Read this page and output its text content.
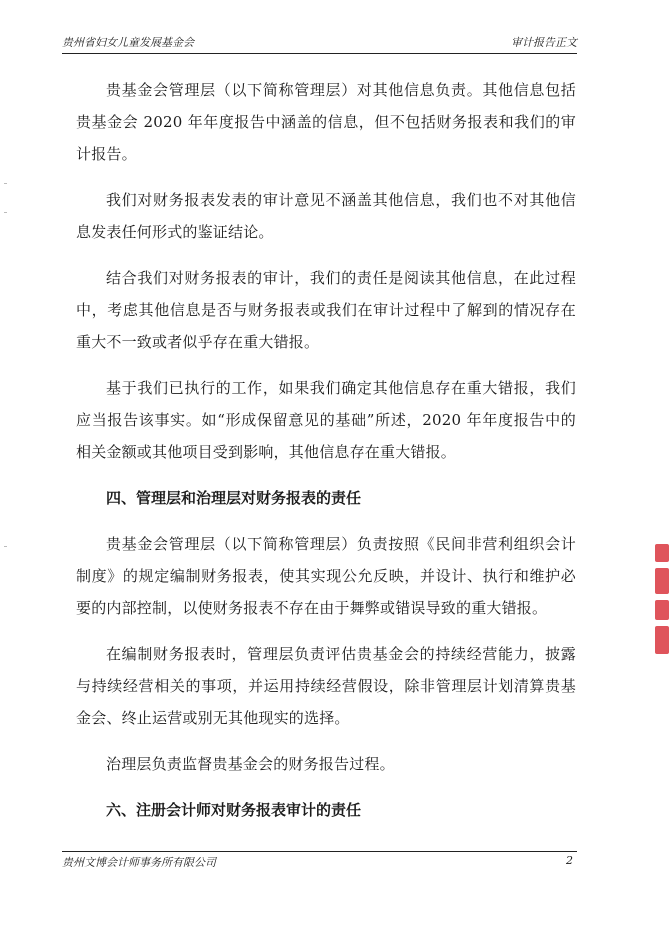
贵州省妇女儿童发展基金会	审计报告正文

贵基金会管理层（以下简称管理层）对其他信息负责。其他信息包括贵基金会 2020 年年度报告中涵盖的信息，但不包括财务报表和我们的审计报告。

我们对财务报表发表的审计意见不涵盖其他信息，我们也不对其他信息发表任何形式的鉴证结论。

结合我们对财务报表的审计，我们的责任是阅读其他信息，在此过程中，考虑其他信息是否与财务报表或我们在审计过程中了解到的情况存在重大不一致或者似乎存在重大错报。

基于我们已执行的工作，如果我们确定其他信息存在重大错报，我们应当报告该事实。如“形成保留意见的基础”所述，2020 年年度报告中的相关金额或其他项目受到影响，其他信息存在重大错报。

四、管理层和治理层对财务报表的责任

贵基金会管理层（以下简称管理层）负责按照《民间非营利组织会计制度》的规定编制财务报表，使其实现公允反映，并设计、执行和维护必要的内部控制，以使财务报表不存在由于舞弊或错误导致的重大错报。

在编制财务报表时，管理层负责评估贵基金会的持续经营能力，披露与持续经营相关的事项，并运用持续经营假设，除非管理层计划清算贵基金会、终止运营或别无其他现实的选择。

治理层负责监督贵基金会的财务报告过程。

六、注册会计师对财务报表审计的责任

贵州文博会计师事务所有限公司	2
